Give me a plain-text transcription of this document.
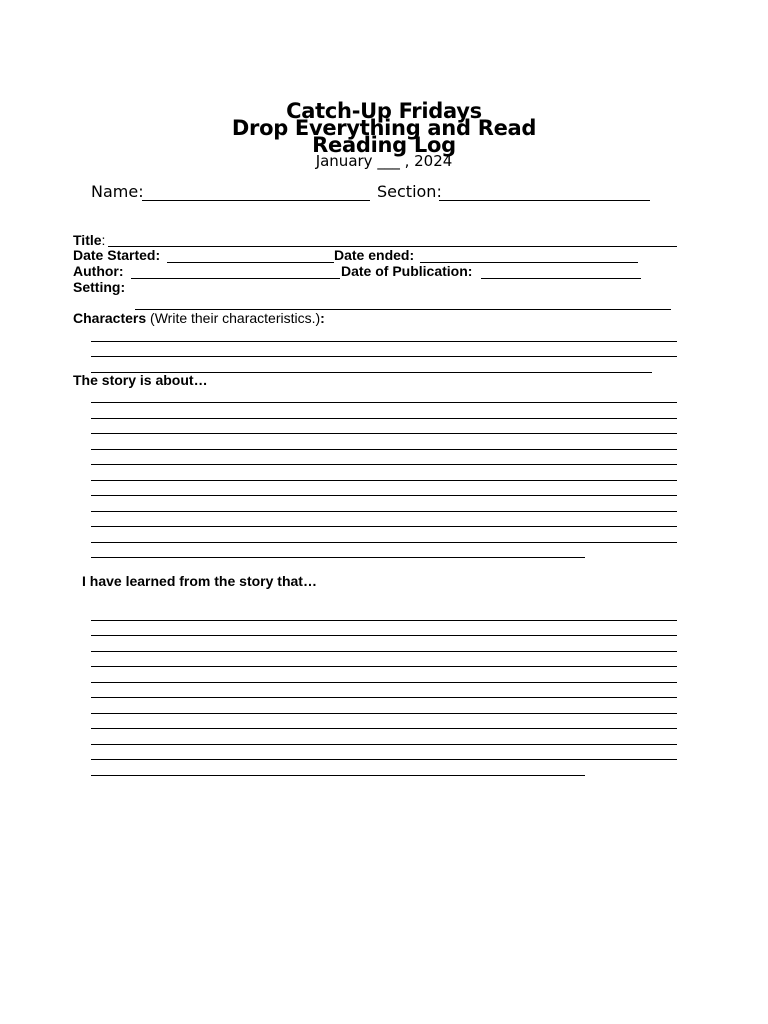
Catch-Up Fridays
Drop Everything and Read
Reading Log
January ___ , 2024
Name:	Section:
Title:
Date Started:	Date ended:
Author:	Date of Publication:
Setting:
Characters (Write their characteristics.):
The story is about…
I have learned from the story that…
